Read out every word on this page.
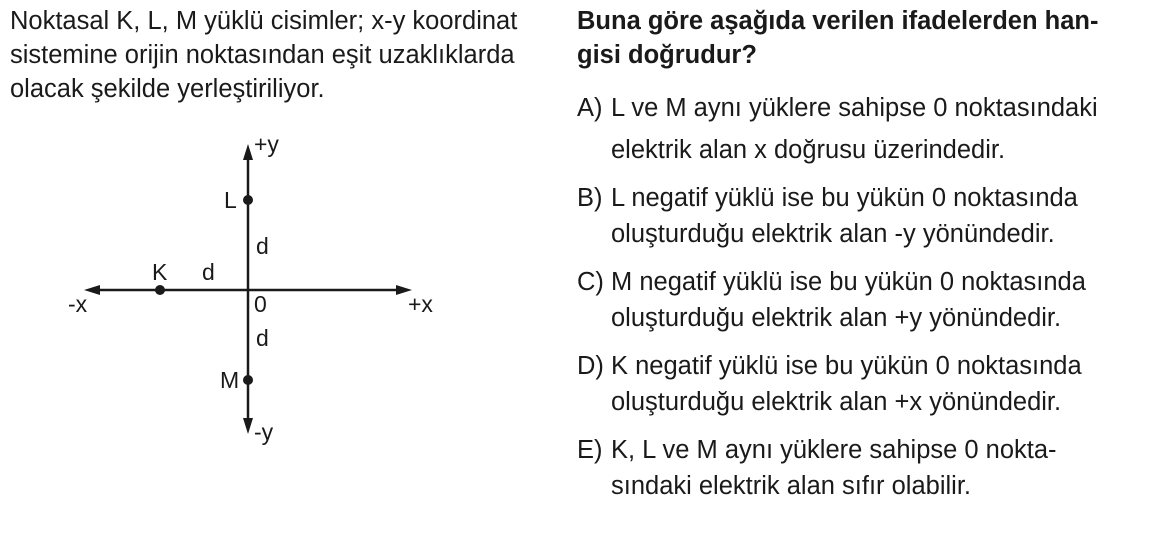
Noktasal K, L, M yüklü cisimler; x-y koordinat
sistemine orijin noktasından eşit uzaklıklarda
olacak şekilde yerleştiriliyor.
+y
-y
+x
-x	0
L
M
K
d
d
d
Buna göre aşağıda verilen ifadelerden han-
gisi doğrudur?
A) L ve M aynı yüklere sahipse 0 noktasındaki
elektrik alan x doğrusu üzerindedir.
B) L negatif yüklü ise bu yükün 0 noktasında
oluşturduğu elektrik alan -y yönündedir.
C) M negatif yüklü ise bu yükün 0 noktasında
oluşturduğu elektrik alan +y yönündedir.
D) K negatif yüklü ise bu yükün 0 noktasında
oluşturduğu elektrik alan +x yönündedir.
E) K, L ve M aynı yüklere sahipse 0 nokta-
sındaki elektrik alan sıfır olabilir.
